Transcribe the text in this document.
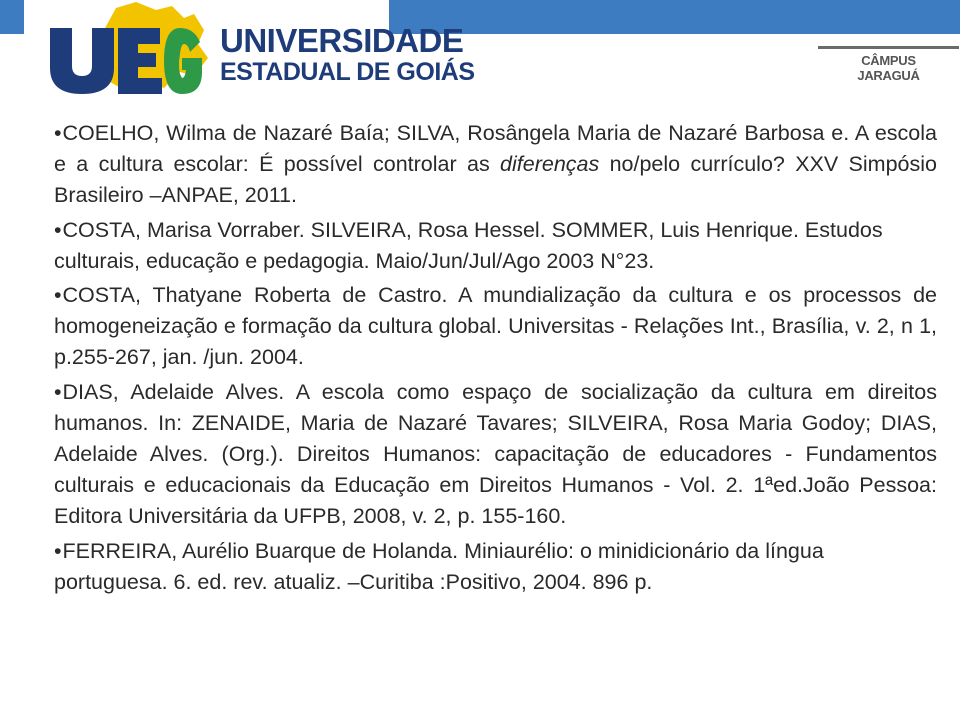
UNIVERSIDADE
ESTADUAL DE GOIÁS	CÂMPUS
JARAGUÁ
•COELHO, Wilma de Nazaré Baía; SILVA, Rosângela Maria de Nazaré Barbosa e. A escola e a cultura escolar: É possível controlar as diferenças no/pelo currículo? XXV Simpósio Brasileiro –ANPAE, 2011.
•COSTA, Marisa Vorraber. SILVEIRA, Rosa Hessel. SOMMER, Luis Henrique. Estudos culturais, educação e pedagogia. Maio/Jun/Jul/Ago 2003 N°23.
•COSTA, Thatyane Roberta de Castro. A mundialização da cultura e os processos de homogeneização e formação da cultura global. Universitas - Relações Int., Brasília, v. 2, n 1, p.255-267, jan. /jun. 2004.
•DIAS, Adelaide Alves. A escola como espaço de socialização da cultura em direitos humanos. In: ZENAIDE, Maria de Nazaré Tavares; SILVEIRA, Rosa Maria Godoy; DIAS, Adelaide Alves. (Org.). Direitos Humanos: capacitação de educadores - Fundamentos culturais e educacionais da Educação em Direitos Humanos - Vol. 2. 1ªed.João Pessoa: Editora Universitária da UFPB, 2008, v. 2, p. 155-160.
•FERREIRA, Aurélio Buarque de Holanda. Miniaurélio: o minidicionário da língua portuguesa. 6. ed. rev. atualiz. –Curitiba :Positivo, 2004. 896 p.
